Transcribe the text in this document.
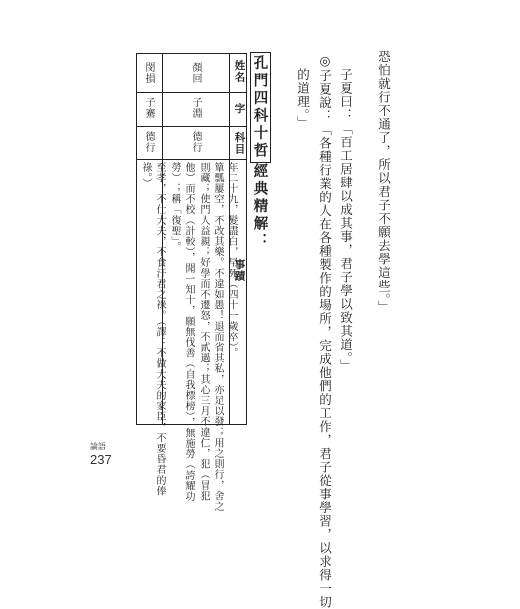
恐怕就行不通了，所以君子不願去學這些。」
子夏曰：「百工居肆以成其事，君子學以致其道。」
◎子夏說：「各種行業的人在各種製作的場所，完成他們的工作，君子從事學習，以求得一切
的道理。」
孔門四科十哲經典精解：
姓名
字
科目
事蹟
顏回
子淵
德行
閔損
子騫
德行
年二十九，髮盡白，早死（四十一歲卒）。
簞瓢屢空，不改其樂。不違如愚！退而省其私，亦足以發；用之則行，舍之
則藏；使門人益親；好學而不遷怒，不貳過；其心三月不違仁，犯（冒犯
他）而不校（計較），聞一知十，願無伐善（自我標榜），無施勞（誇耀功
勞）；稱「復聖」。
至孝，不仕大夫，不食汙君之祿。（譯：不做大夫的家臣，不要昏君的俸
祿。）
論語
237
